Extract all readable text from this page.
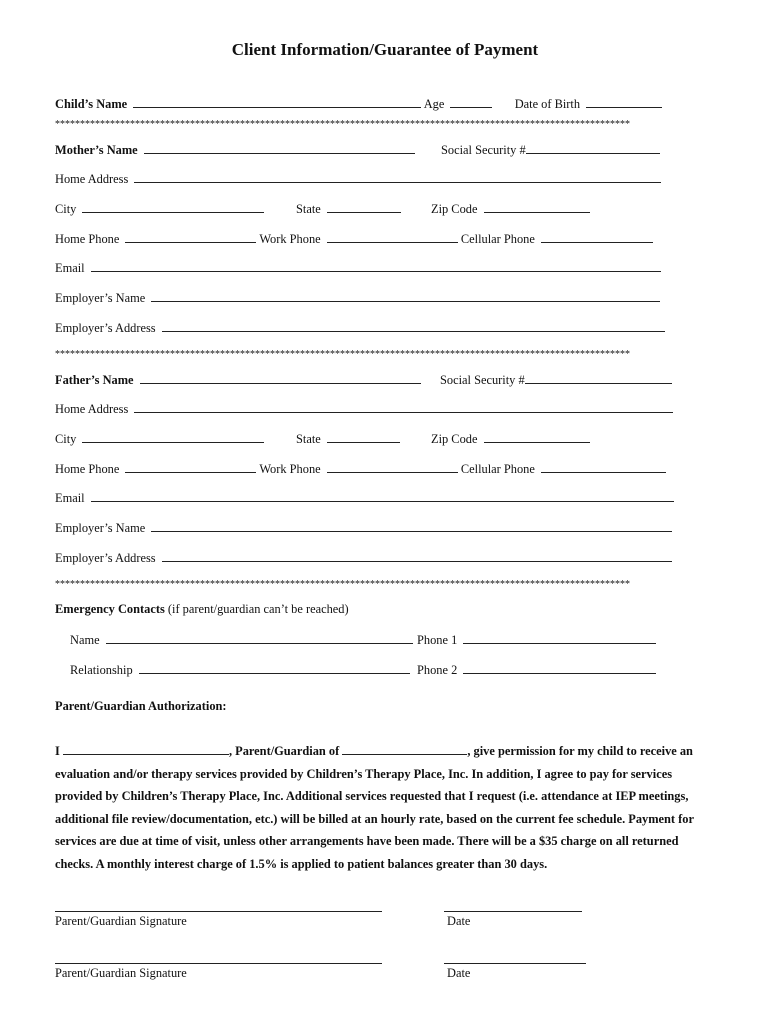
Client Information/Guarantee of Payment
Child’s Name	Age	Date of Birth
*******************************************************************************************************************
Mother’s Name	Social Security #
Home Address
City	State	Zip Code
Home Phone	Work Phone	Cellular Phone
Email
Employer’s Name
Employer’s Address
*******************************************************************************************************************
Father’s Name	Social Security #
Home Address
City	State	Zip Code
Home Phone	Work Phone	Cellular Phone
Email
Employer’s Name
Employer’s Address
*******************************************************************************************************************
Emergency Contacts (if parent/guardian can’t be reached)
Name	Phone 1
Relationship	Phone 2
Parent/Guardian Authorization:
I	, Parent/Guardian of	, give permission for my child to receive an evaluation and/or therapy services provided by Children’s Therapy Place, Inc. In addition, I agree to pay for services provided by Children’s Therapy Place, Inc. Additional services requested that I request (i.e. attendance at IEP meetings, additional file review/documentation, etc.) will be billed at an hourly rate, based on the current fee schedule. Payment for services are due at time of visit, unless other arrangements have been made. There will be a $35 charge on all returned checks. A monthly interest charge of 1.5% is applied to patient balances greater than 30 days.
Parent/Guardian Signature	Date
Parent/Guardian Signature	Date
